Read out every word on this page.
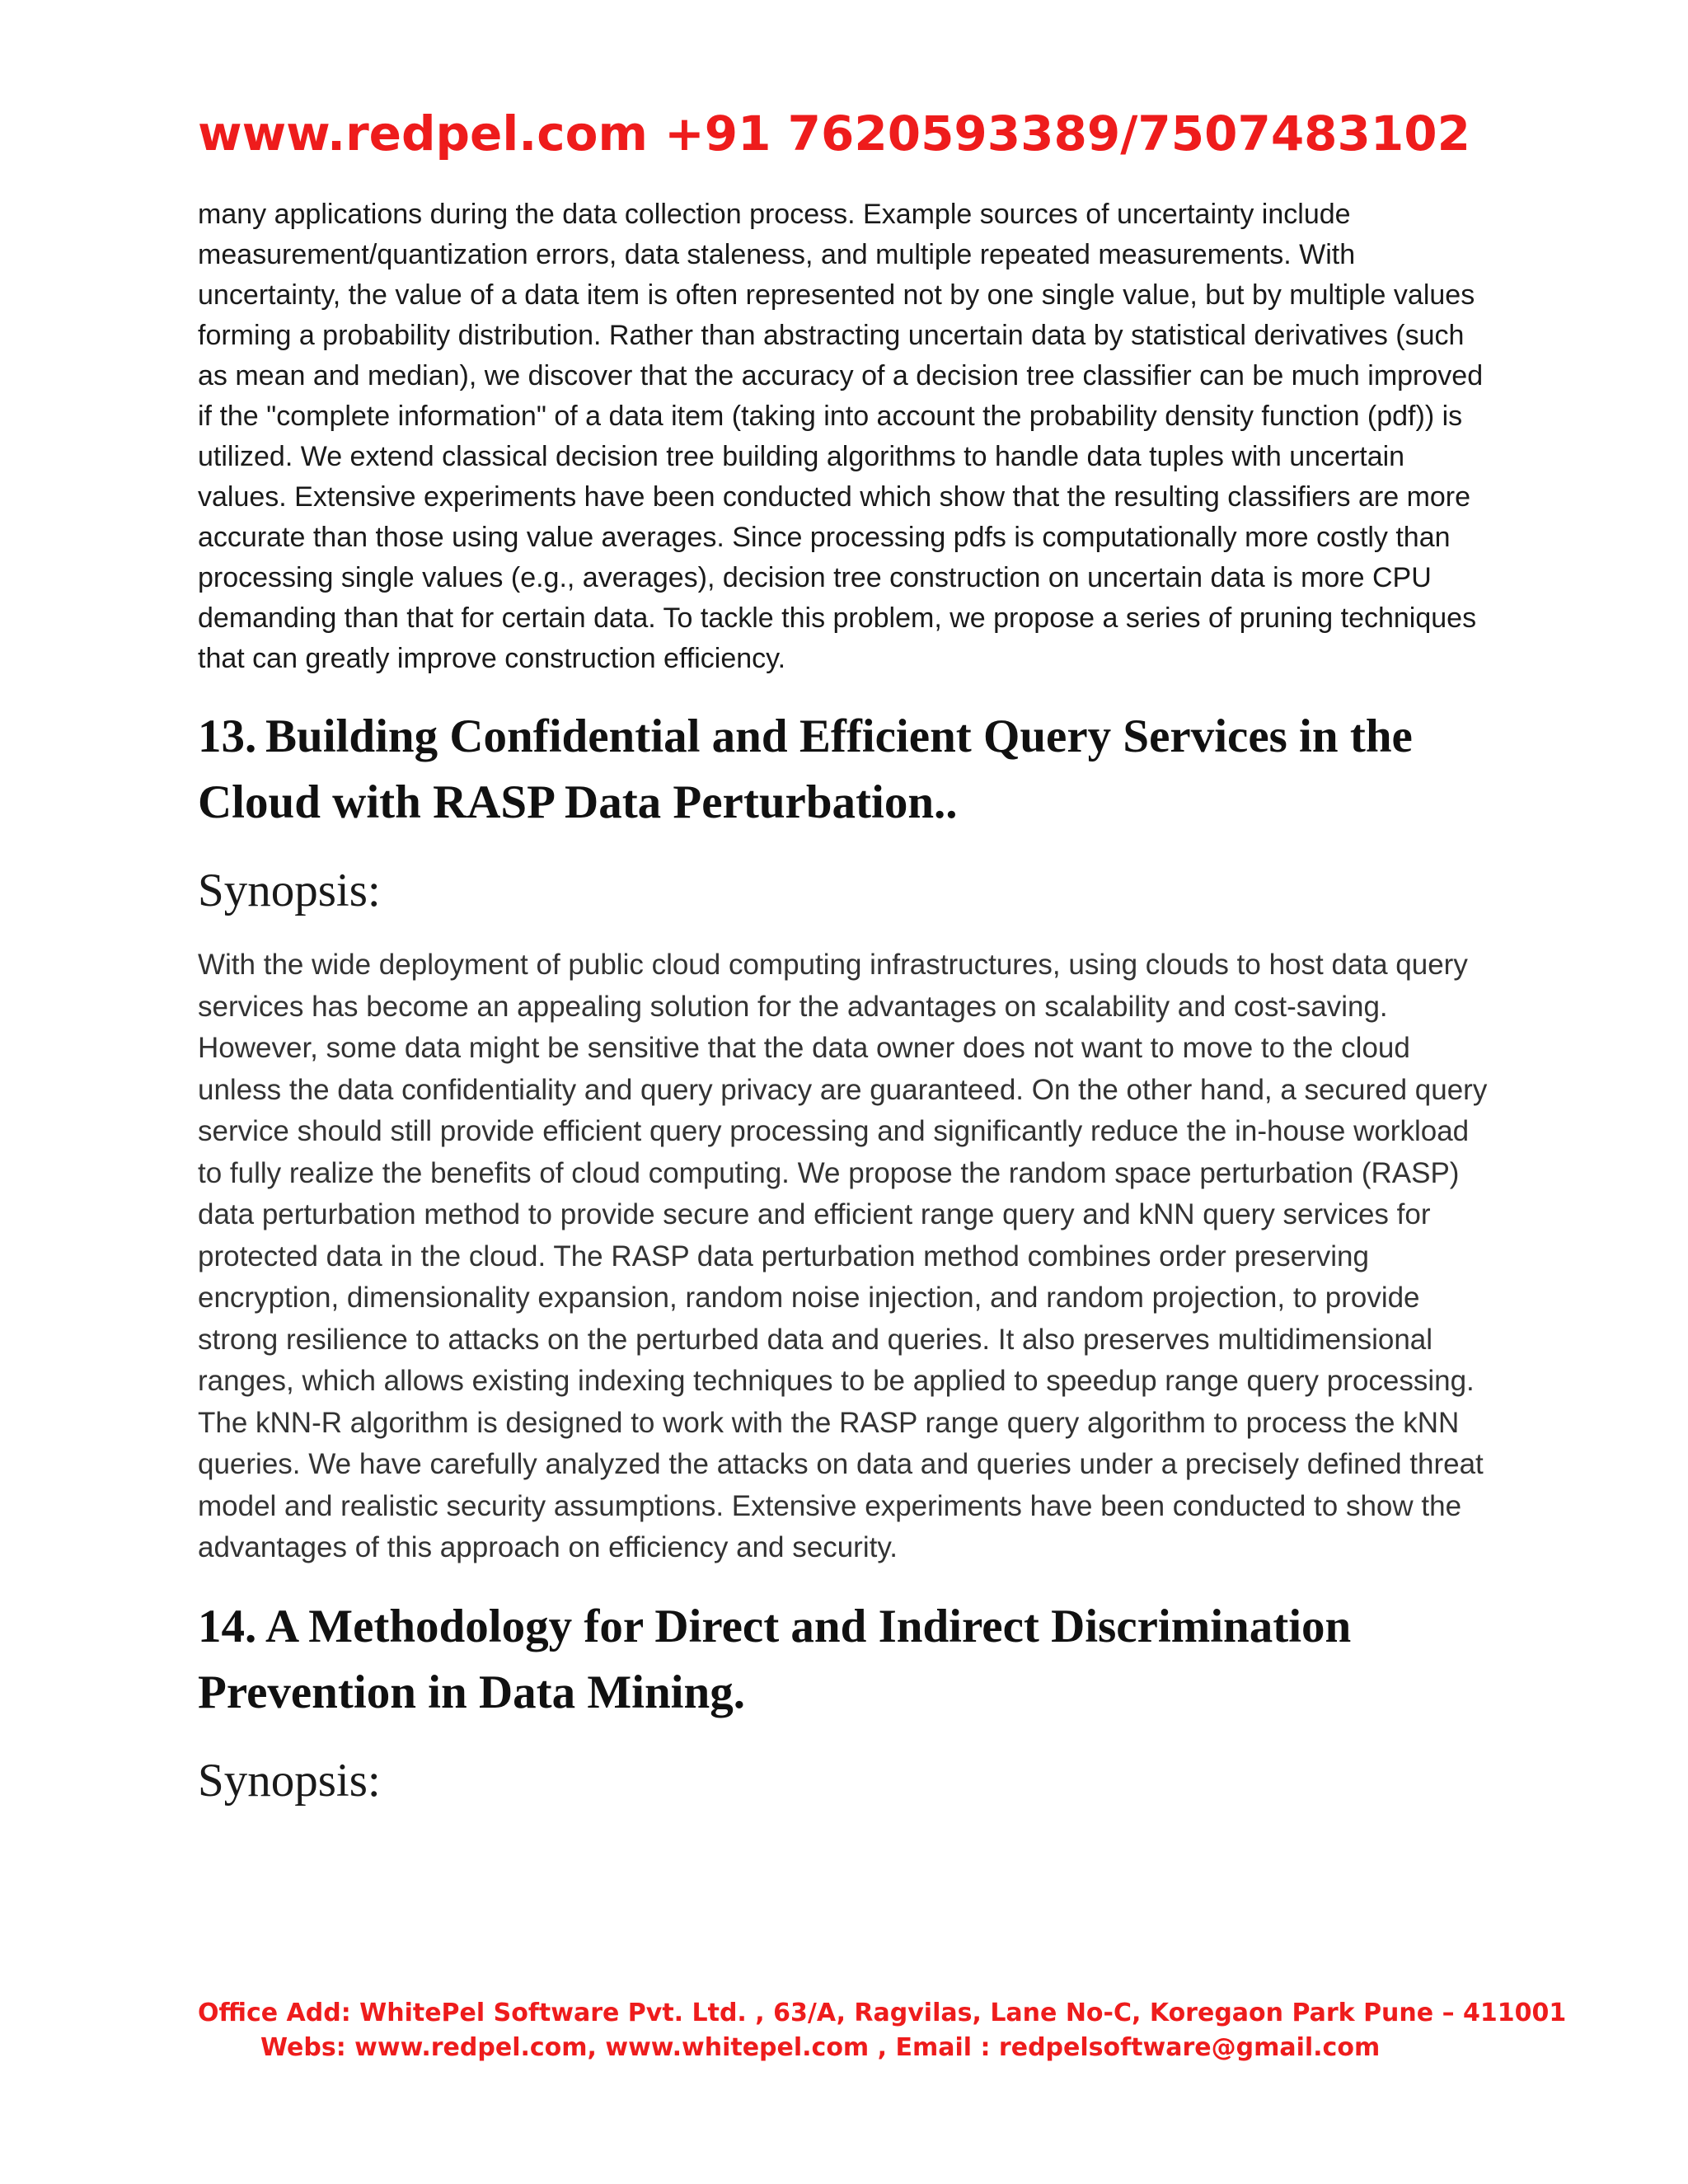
www.redpel.com +91 7620593389/7507483102

many applications during the data collection process. Example sources of uncertainty include measurement/quantization errors, data staleness, and multiple repeated measurements. With uncertainty, the value of a data item is often represented not by one single value, but by multiple values forming a probability distribution. Rather than abstracting uncertain data by statistical derivatives (such as mean and median), we discover that the accuracy of a decision tree classifier can be much improved if the "complete information" of a data item (taking into account the probability density function (pdf)) is utilized. We extend classical decision tree building algorithms to handle data tuples with uncertain values. Extensive experiments have been conducted which show that the resulting classifiers are more accurate than those using value averages. Since processing pdfs is computationally more costly than processing single values (e.g., averages), decision tree construction on uncertain data is more CPU demanding than that for certain data. To tackle this problem, we propose a series of pruning techniques that can greatly improve construction efficiency.

13. Building Confidential and Efficient Query Services in the Cloud with RASP Data Perturbation..
Synopsis:

With the wide deployment of public cloud computing infrastructures, using clouds to host data query services has become an appealing solution for the advantages on scalability and cost-saving. However, some data might be sensitive that the data owner does not want to move to the cloud unless the data confidentiality and query privacy are guaranteed. On the other hand, a secured query service should still provide efficient query processing and significantly reduce the in-house workload to fully realize the benefits of cloud computing. We propose the random space perturbation (RASP) data perturbation method to provide secure and efficient range query and kNN query services for protected data in the cloud. The RASP data perturbation method combines order preserving encryption, dimensionality expansion, random noise injection, and random projection, to provide strong resilience to attacks on the perturbed data and queries. It also preserves multidimensional ranges, which allows existing indexing techniques to be applied to speedup range query processing. The kNN-R algorithm is designed to work with the RASP range query algorithm to process the kNN queries. We have carefully analyzed the attacks on data and queries under a precisely defined threat model and realistic security assumptions. Extensive experiments have been conducted to show the advantages of this approach on efficiency and security.

14. A Methodology for Direct and Indirect Discrimination Prevention in Data Mining.
Synopsis:
Office Add: WhitePel Software Pvt. Ltd. , 63/A, Ragvilas, Lane No-C, Koregaon Park Pune – 411001
Webs: www.redpel.com, www.whitepel.com , Email : redpelsoftware@gmail.com
